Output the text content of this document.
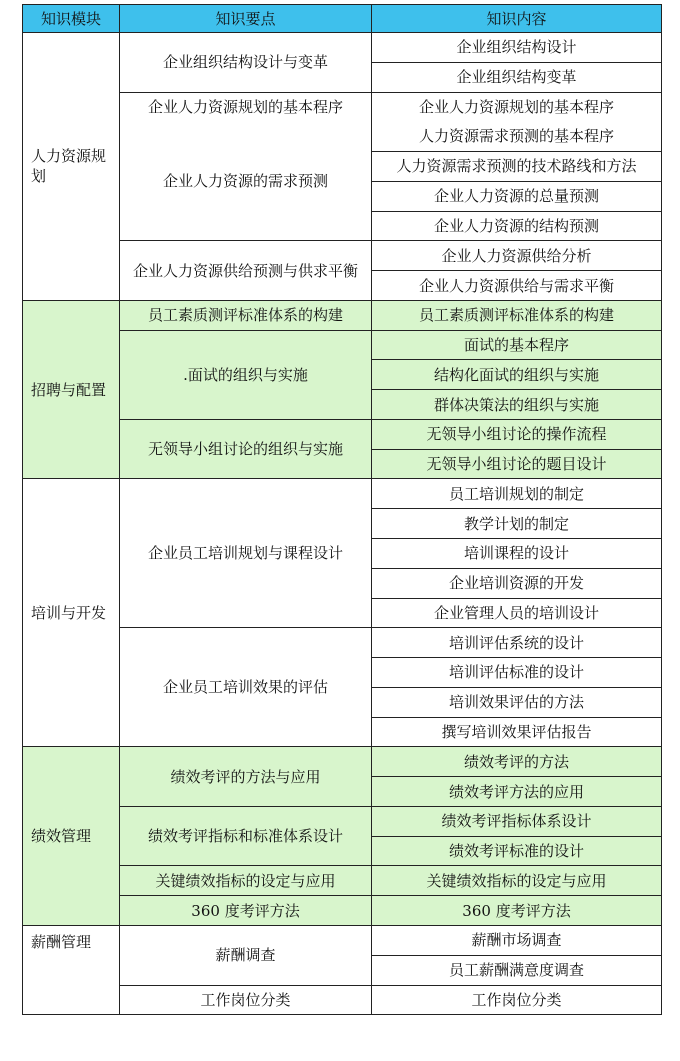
知识模块	知识要点	知识内容
人力资源规划	企业组织结构设计与变革	企业组织结构设计
		企业组织结构变革
	企业人力资源规划的基本程序	企业人力资源规划的基本程序
	企业人力资源的需求预测	人力资源需求预测的基本程序
		人力资源需求预测的技术路线和方法
		企业人力资源的总量预测
		企业人力资源的结构预测
	企业人力资源供给预测与供求平衡	企业人力资源供给分析
		企业人力资源供给与需求平衡
招聘与配置	员工素质测评标准体系的构建	员工素质测评标准体系的构建
	.面试的组织与实施	面试的基本程序
		结构化面试的组织与实施
		群体决策法的组织与实施
	无领导小组讨论的组织与实施	无领导小组讨论的操作流程
		无领导小组讨论的题目设计
培训与开发	企业员工培训规划与课程设计	员工培训规划的制定
		教学计划的制定
		培训课程的设计
		企业培训资源的开发
		企业管理人员的培训设计
	企业员工培训效果的评估	培训评估系统的设计
		培训评估标准的设计
		培训效果评估的方法
		撰写培训效果评估报告
绩效管理	绩效考评的方法与应用	绩效考评的方法
		绩效考评方法的应用
	绩效考评指标和标准体系设计	绩效考评指标体系设计
		绩效考评标准的设计
	关键绩效指标的设定与应用	关键绩效指标的设定与应用
	360 度考评方法	360 度考评方法
薪酬管理	薪酬调查	薪酬市场调查
		员工薪酬满意度调查
	工作岗位分类	工作岗位分类
